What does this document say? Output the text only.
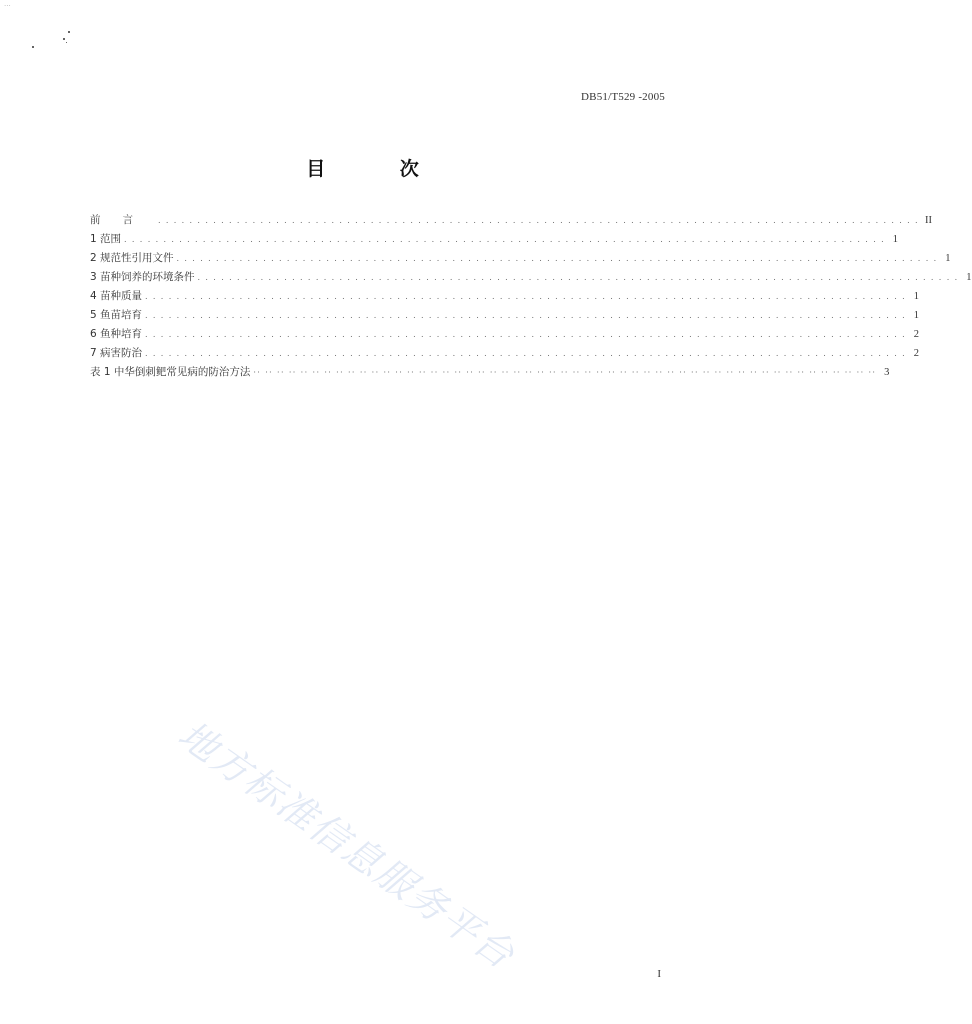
...
DB51/T529 -2005
目 次
前言 . . . . . . . . . . . . . . . . . . . . . . . . . . . . . . . . . . . . . . . . . . . . . . . . . . . . . . . . . . . . . . . . . . . . . . . . . . . . . . . . . . . . . . . . . . . . . . . . . II
1 范围 . . . . . . . . . . . . . . . . . . . . . . . . . . . . . . . . . . . . . . . . . . . . . . . . . . . . . . . . . . . . . . . . . . . . . . . . . . . . . . . . . . . . . . . . . . . . . . . . . 1
2 规范性引用文件 . . . . . . . . . . . . . . . . . . . . . . . . . . . . . . . . . . . . . . . . . . . . . . . . . . . . . . . . . . . . . . . . . . . . . . . . . . . . . . . . . . . . . . . . . . . . . . . . . 1
3 苗种饲养的环境条件 . . . . . . . . . . . . . . . . . . . . . . . . . . . . . . . . . . . . . . . . . . . . . . . . . . . . . . . . . . . . . . . . . . . . . . . . . . . . . . . . . . . . . . . . . . . . . . . . . 1
4 苗种质量 . . . . . . . . . . . . . . . . . . . . . . . . . . . . . . . . . . . . . . . . . . . . . . . . . . . . . . . . . . . . . . . . . . . . . . . . . . . . . . . . . . . . . . . . . . . . . . . . . 1
5 鱼苗培育 . . . . . . . . . . . . . . . . . . . . . . . . . . . . . . . . . . . . . . . . . . . . . . . . . . . . . . . . . . . . . . . . . . . . . . . . . . . . . . . . . . . . . . . . . . . . . . . . . 1
6 鱼种培育 . . . . . . . . . . . . . . . . . . . . . . . . . . . . . . . . . . . . . . . . . . . . . . . . . . . . . . . . . . . . . . . . . . . . . . . . . . . . . . . . . . . . . . . . . . . . . . . . . 2
7 病害防治 . . . . . . . . . . . . . . . . . . . . . . . . . . . . . . . . . . . . . . . . . . . . . . . . . . . . . . . . . . . . . . . . . . . . . . . . . . . . . . . . . . . . . . . . . . . . . . . . . 2
表 1 中华倒刺鲃常见病的防治方法 ·· ·· ·· ·· ·· ·· ·· ·· ·· ·· ·· ·· ·· ·· ·· ·· ·· ·· ·· ·· ·· ·· ·· ·· ·· ·· ·· ·· ·· ·· ·· ·· ·· ·· ·· ·· ·· ·· ·· ·· ·· ·· ·· ·· ·· ·· ·· ·· ·· ·· ·· ·· ·· 3
地方标准信息服务平台	I
